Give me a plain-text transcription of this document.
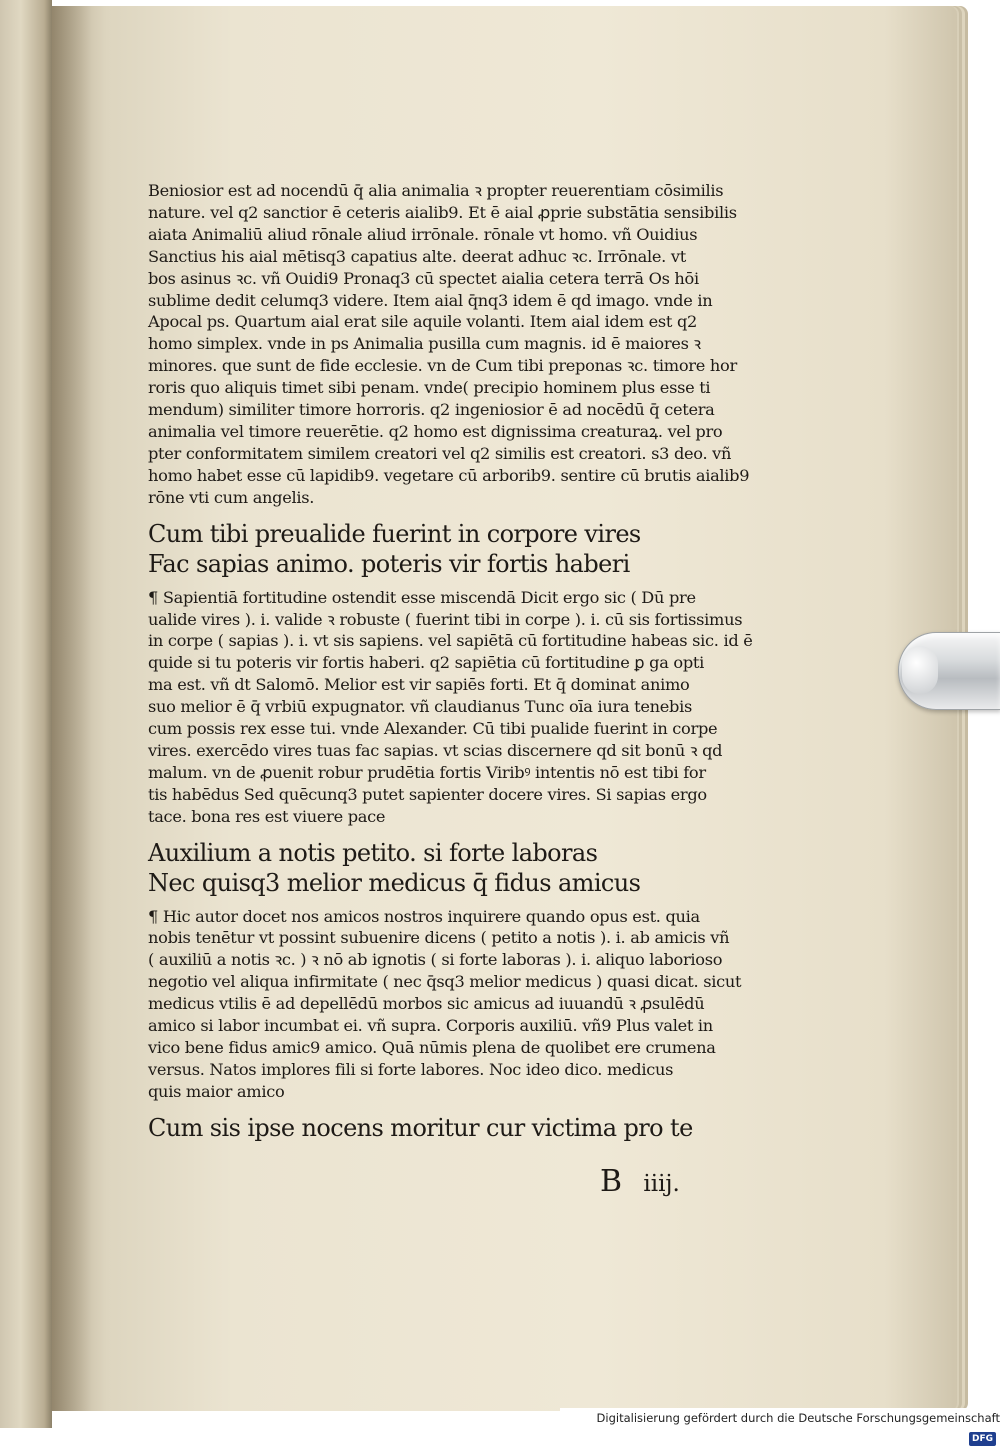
Beniosior est ad nocendū q̄ alia animalia ꝛ propter reuerentiam cōsimilis
nature. vel q2 sanctior ē ceteris aialib9. Et ē aial ꝓprie substātia sensibilis
aiata Animaliū aliud rōnale aliud irrōnale. rōnale vt homo. vñ Ouidius
Sanctius his aial mētisq3 capatius alte. deerat adhuc ꝛc. Irrōnale. vt
bos asinus ꝛc. vñ Ouidi9 Pronaq3 cū spectet aialia cetera terrā Os hōi
sublime dedit celumq3 videre. Item aial q̄nq3 idem ē qd imago. vnde in
Apocal ps. Quartum aial erat sile aquile volanti. Item aial idem est q2
homo simplex. vnde in ps Animalia pusilla cum magnis. id ē maiores ꝛ
minores. que sunt de fide ecclesie. vn de Cum tibi preponas ꝛc. timore hor
roris quo aliquis timet sibi penam. vnde( precipio hominem plus esse ti
mendum) similiter timore horroris. q2 ingeniosior ē ad nocēdū q̄ cetera
animalia vel timore reuerētie. q2 homo est dignissima creaturaꝝ. vel pro
pter conformitatem similem creatori vel q2 similis est creatori. s3 deo. vñ
homo habet esse cū lapidib9. vegetare cū arborib9. sentire cū brutis aialib9
rōne vti cum angelis.
Cum tibi preualide fuerint in corpore vires
Fac sapias animo. poteris vir fortis haberi
¶ Sapientiā fortitudine ostendit esse miscendā Dicit ergo sic ( Dū pre
ualide vires ). i. valide ꝛ robuste ( fuerint tibi in corpe ). i. cū sis fortissimus
in corpe ( sapias ). i. vt sis sapiens. vel sapiētā cū fortitudine habeas sic. id ē
quide si tu poteris vir fortis haberi. q2 sapiētia cū fortitudine ꝑ ga opti
ma est. vñ dt Salomō. Melior est vir sapiēs forti. Et q̄ dominat animo
suo melior ē q̄ vrbiū expugnator. vñ claudianus Tunc oīa iura tenebis
cum possis rex esse tui. vnde Alexander. Cū tibi pualide fuerint in corpe
vires. exercēdo vires tuas fac sapias. vt scias discernere qd sit bonū ꝛ qd
malum. vn de ꝓuenit robur prudētia fortis Viribꝰ intentis nō est tibi for
tis habēdus Sed quēcunq3 putet sapienter docere vires. Si sapias ergo
tace. bona res est viuere pace
Auxilium a notis petito. si forte laboras
Nec quisq3 melior medicus q̄ fidus amicus
¶ Hic autor docet nos amicos nostros inquirere quando opus est. quia
nobis tenētur vt possint subuenire dicens ( petito a notis ). i. ab amicis vñ
( auxiliū a notis ꝛc. ) ꝛ nō ab ignotis ( si forte laboras ). i. aliquo laborioso
negotio vel aliqua infirmitate ( nec q̄sq3 melior medicus ) quasi dicat. sicut
medicus vtilis ē ad depellēdū morbos sic amicus ad iuuandū ꝛ ꝓsulēdū
amico si labor incumbat ei. vñ supra. Corporis auxiliū. vñ9 Plus valet in
vico bene fidus amic9 amico. Quā nūmis plena de quolibet ere crumena
versus. Natos implores fili si forte labores. Noc ideo dico. medicus
quis maior amico
Cum sis ipse nocens moritur cur victima pro te
B iiij.
Digitalisierung gefördert durch die Deutsche Forschungsgemeinschaft DFG
